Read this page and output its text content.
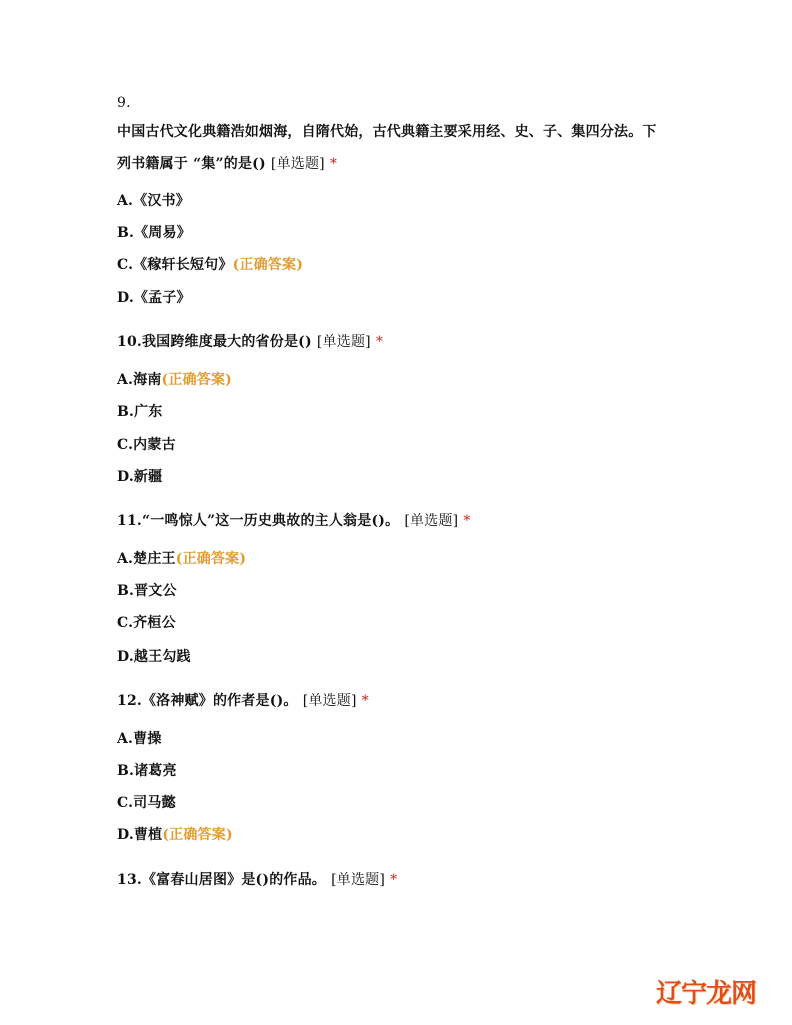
9.
中国古代文化典籍浩如烟海，自隋代始，古代典籍主要采用经、史、子、集四分法。下
列书籍属于 “集”的是() [单选题] *
A.《汉书》
B.《周易》
C.《稼轩长短句》(正确答案)
D.《孟子》
10.我国跨维度最大的省份是() [单选题] *
A.海南(正确答案)
B.广东
C.内蒙古
D.新疆
11.“一鸣惊人”这一历史典故的主人翁是()。 [单选题] *
A.楚庄王(正确答案)
B.晋文公
C.齐桓公
D.越王勾践
12.《洛神赋》的作者是()。 [单选题] *
A.曹操
B.诸葛亮
C.司马懿
D.曹植(正确答案)
13.《富春山居图》是()的作品。 [单选题] *
辽宁龙网
